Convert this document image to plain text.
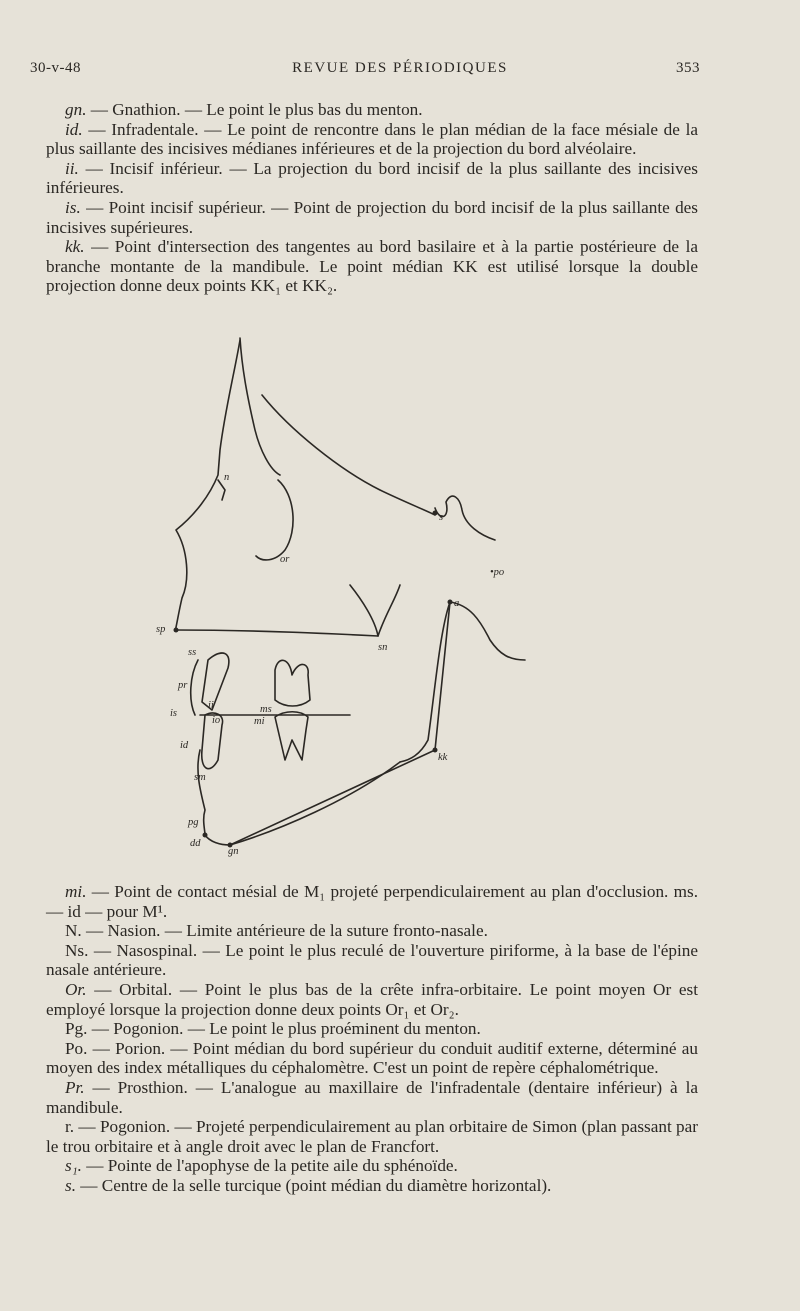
30-v-48	REVUE DES PÉRIODIQUES	353

gn. — Gnathion. — Le point le plus bas du menton.

id. — Infradentale. — Le point de rencontre dans le plan médian de la face mésiale de la plus saillante des incisives médianes inférieures et de la projection du bord alvéolaire.

ii. — Incisif inférieur. — La projection du bord incisif de la plus saillante des incisives inférieures.

is. — Point incisif supérieur. — Point de projection du bord incisif de la plus saillante des incisives supérieures.

kk. — Point d'intersection des tangentes au bord basilaire et à la partie postérieure de la branche montante de la mandibule. Le point médian KK est utilisé lorsque la double projection donne deux points KK₁ et KK₂.

n
or
•po
s
sp
ss	sn
pr
ii
is
io
ms
mi
id
kk
sm
pg
dd
gn
a

mi. — Point de contact mésial de M₁ projeté perpendiculairement au plan d'occlusion. ms. — id — pour M¹.

N. — Nasion. — Limite antérieure de la suture fronto-nasale.

Ns. — Nasospinal. — Le point le plus reculé de l'ouverture piriforme, à la base de l'épine nasale antérieure.

Or. — Orbital. — Point le plus bas de la crête infra-orbitaire. Le point moyen Or est employé lorsque la projection donne deux points Or₁ et Or₂.

Pg. — Pogonion. — Le point le plus proéminent du menton.

Po. — Porion. — Point médian du bord supérieur du conduit auditif externe, déterminé au moyen des index métalliques du céphalomètre. C'est un point de repère céphalométrique.

Pr. — Prosthion. — L'analogue au maxillaire de l'infradentale (dentaire inférieur) à la mandibule.

r. — Pogonion. — Projeté perpendiculairement au plan orbitaire de Simon (plan passant par le trou orbitaire et à angle droit avec le plan de Francfort.

s₁. — Pointe de l'apophyse de la petite aile du sphénoïde.

s. — Centre de la selle turcique (point médian du diamètre horizontal).
